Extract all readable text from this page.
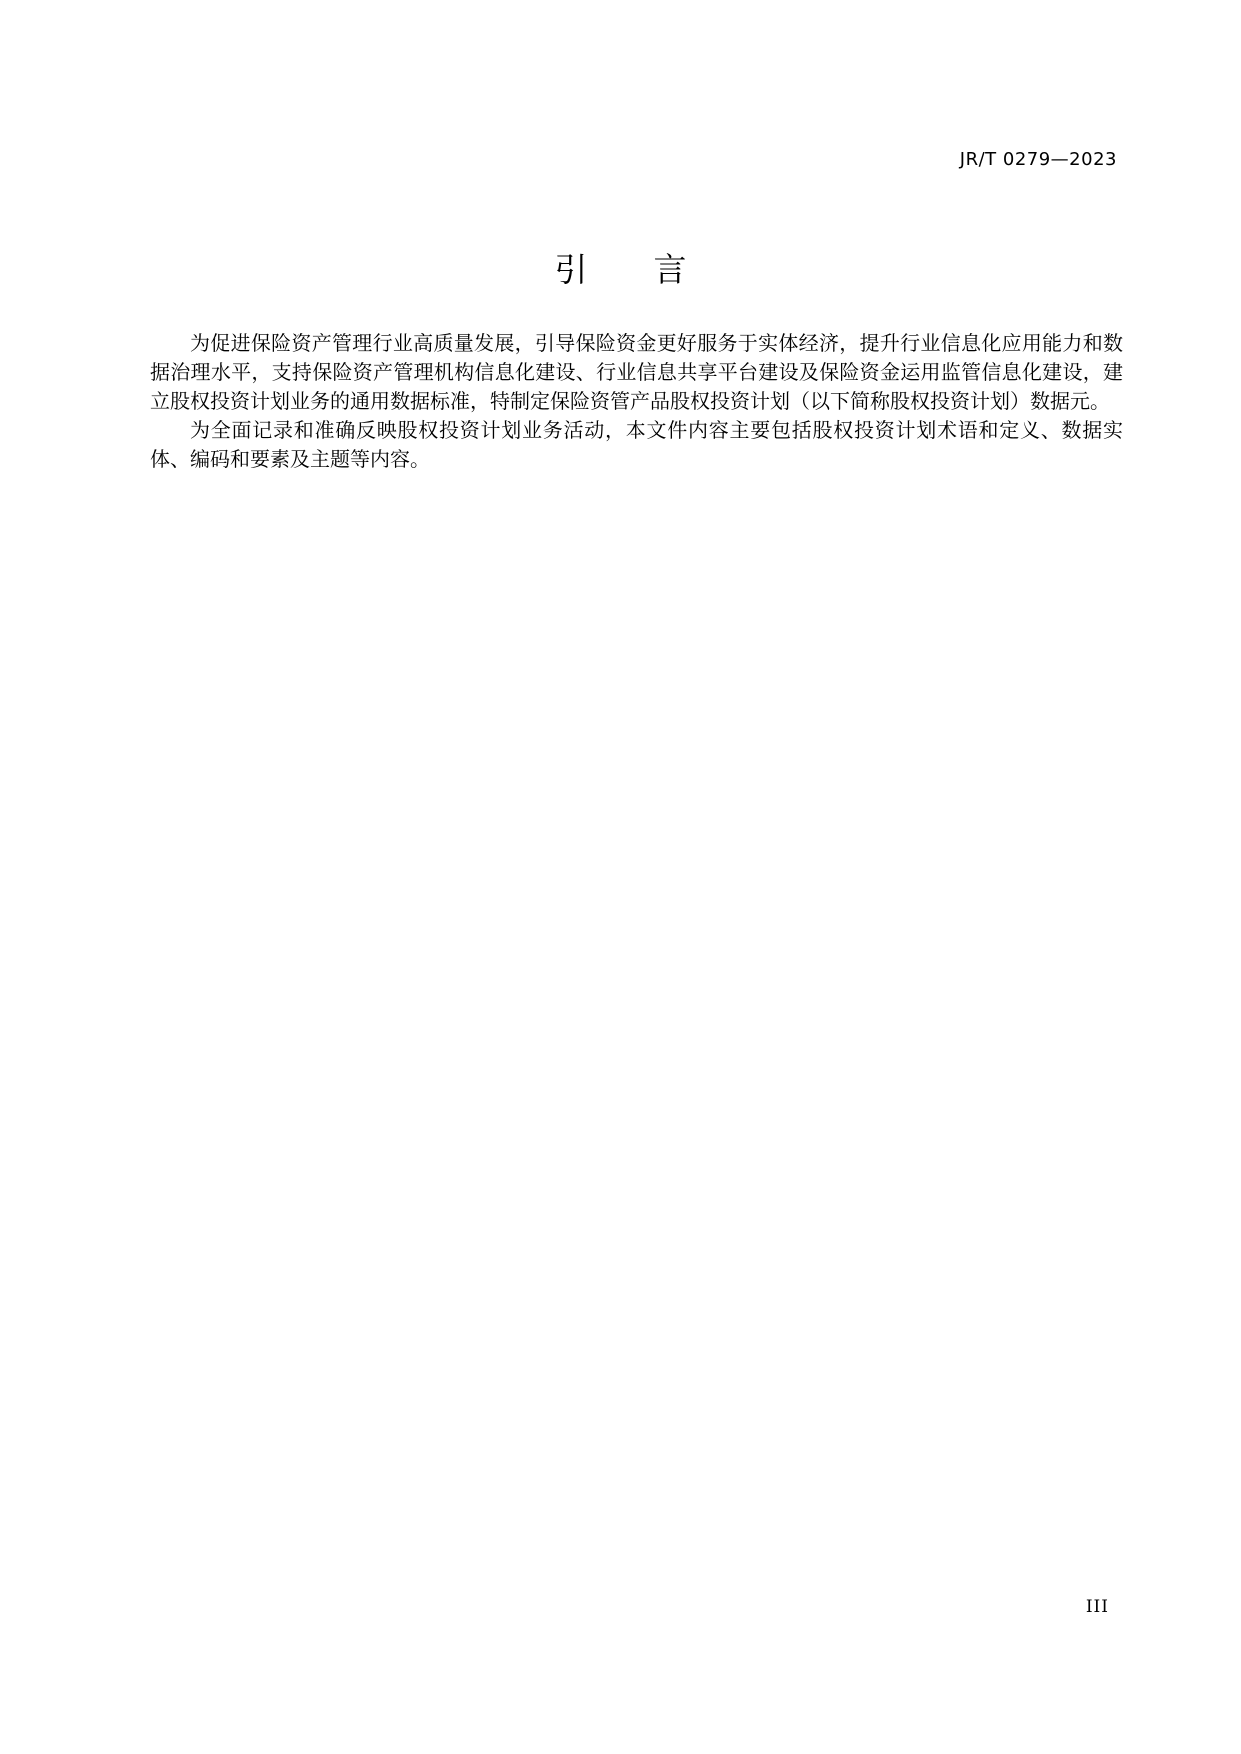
JR/T 0279—2023
引　　言

为促进保险资产管理行业高质量发展，引导保险资金更好服务于实体经济，提升行业信息化应用能力和数据治理水平，支持保险资产管理机构信息化建设、行业信息共享平台建设及保险资金运用监管信息化建设，建立股权投资计划业务的通用数据标准，特制定保险资管产品股权投资计划（以下简称股权投资计划）数据元。

为全面记录和准确反映股权投资计划业务活动，本文件内容主要包括股权投资计划术语和定义、数据实体、编码和要素及主题等内容。

III
